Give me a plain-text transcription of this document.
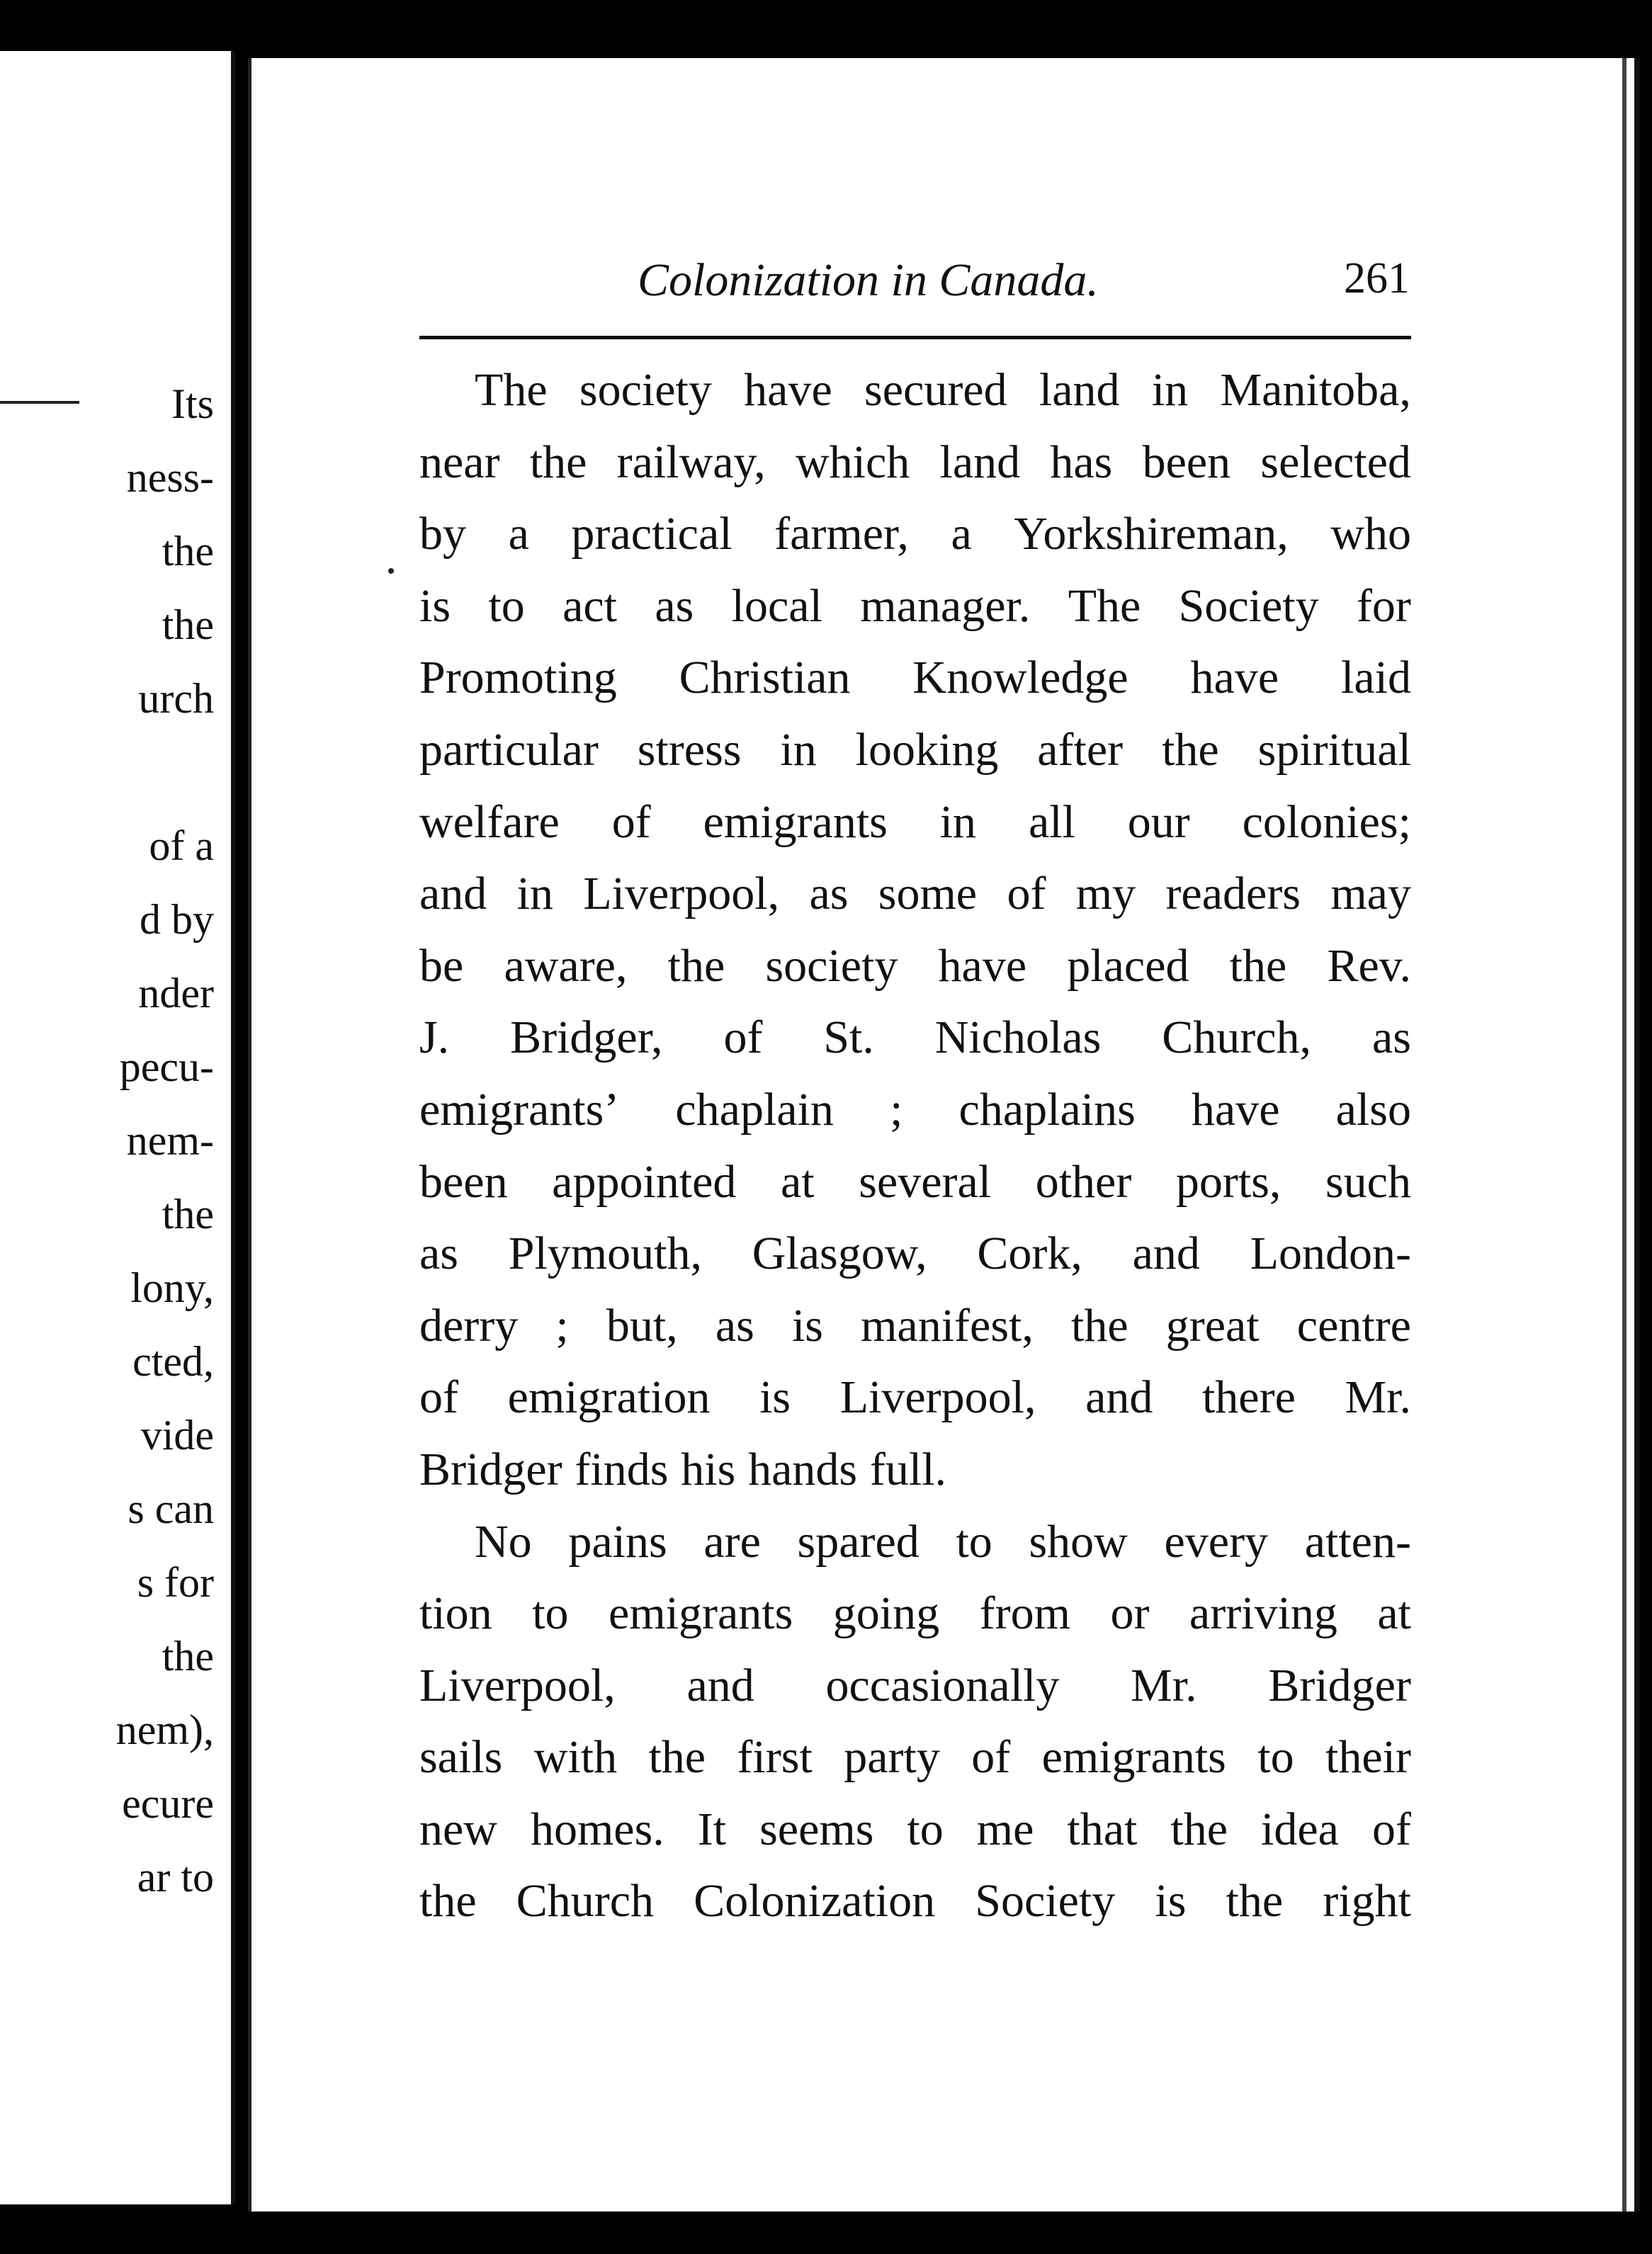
Its
ness-
the
the
urch
of a
d by
nder
pecu-
nem-
the
lony,
cted,
vide
s can
s for
the
nem),
ecure
ar to
Colonization in Canada.	261
The society have secured land in Manitoba,
near the railway, which land has been selected
by a practical farmer, a Yorkshireman, who
is to act as local manager. The Society for
Promoting Christian Knowledge have laid
particular stress in looking after the spiritual
welfare of emigrants in all our colonies;
and in Liverpool, as some of my readers may
be aware, the society have placed the Rev.
J. Bridger, of St. Nicholas Church, as
emigrants’ chaplain ; chaplains have also
been appointed at several other ports, such
as Plymouth, Glasgow, Cork, and London-
derry ; but, as is manifest, the great centre
of emigration is Liverpool, and there Mr.
Bridger finds his hands full.
No pains are spared to show every atten-
tion to emigrants going from or arriving at
Liverpool, and occasionally Mr. Bridger
sails with the first party of emigrants to their
new homes. It seems to me that the idea of
the Church Colonization Society is the right
